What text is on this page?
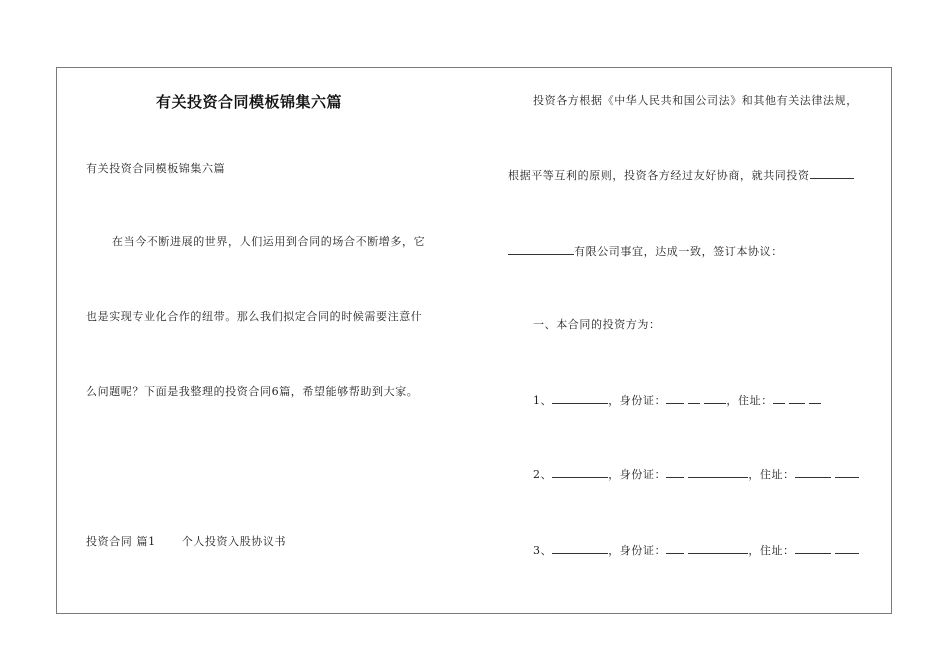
有关投资合同模板锦集六篇
有关投资合同模板锦集六篇
在当今不断进展的世界，人们运用到合同的场合不断增多，它
也是实现专业化合作的纽带。那么我们拟定合同的时候需要注意什
么问题呢？下面是我整理的投资合同6篇，希望能够帮助到大家。
投资合同 篇1 个人投资入股协议书
投资各方根据《中华人民共和国公司法》和其他有关法律法规，
根据平等互利的原则，投资各方经过友好协商，就共同投资
有限公司事宜，达成一致，签订本协议：
一、本合同的投资方为：
1、	，身份证：	，住址：
2、	，身份证：	，住址：
3、	，身份证：	，住址：
